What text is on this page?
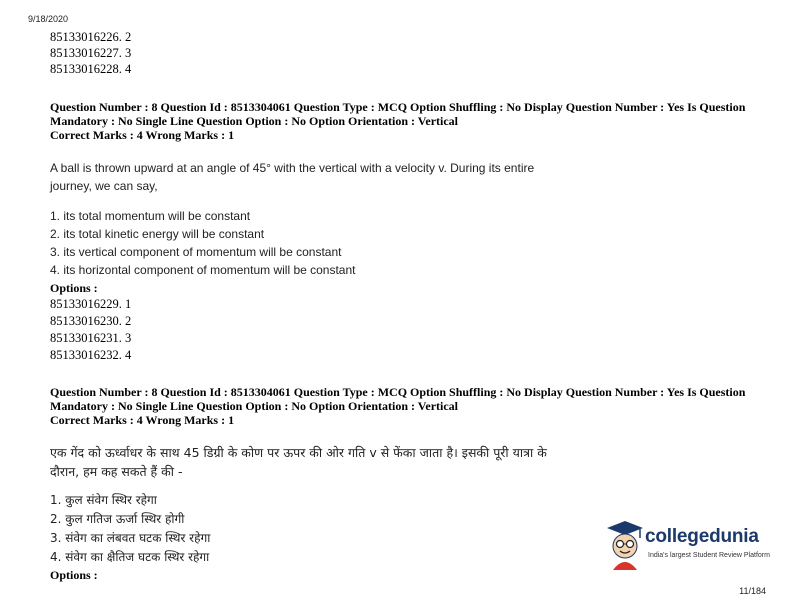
9/18/2020
85133016226. 2
85133016227. 3
85133016228. 4
Question Number : 8 Question Id : 8513304061 Question Type : MCQ Option Shuffling : No Display Question Number : Yes Is Question
Mandatory : No Single Line Question Option : No Option Orientation : Vertical
Correct Marks : 4 Wrong Marks : 1
A ball is thrown upward at an angle of 45° with the vertical with a velocity v. During its entire
journey, we can say,
1. its total momentum will be constant
2. its total kinetic energy will be constant
3. its vertical component of momentum will be constant
4. its horizontal component of momentum will be constant
Options :
85133016229. 1
85133016230. 2
85133016231. 3
85133016232. 4
Question Number : 8 Question Id : 8513304061 Question Type : MCQ Option Shuffling : No Display Question Number : Yes Is Question
Mandatory : No Single Line Question Option : No Option Orientation : Vertical
Correct Marks : 4 Wrong Marks : 1
एक गेंद को ऊर्ध्वाधर के साथ 45 डिग्री के कोण पर ऊपर की ओर गति v से फेंका जाता है। इसकी पूरी यात्रा के
दौरान, हम कह सकते हैं की -
1. कुल संवेग स्थिर रहेगा
2. कुल गतिज ऊर्जा स्थिर होगी
3. संवेग का लंबवत घटक स्थिर रहेगा
4. संवेग का क्षैतिज घटक स्थिर रहेगा
Options :
collegedunia
India's largest Student Review Platform
11/184
